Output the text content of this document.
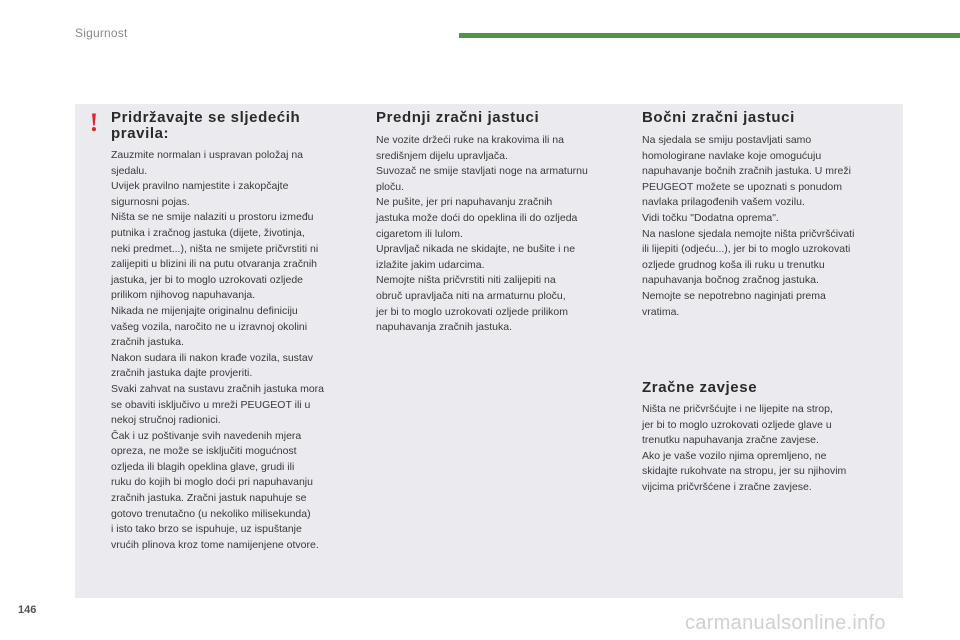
Sigurnost
! Pridržavajte se sljedećih
pravila:
Zauzmite normalan i uspravan položaj na
sjedalu.
Uvijek pravilno namjestite i zakopčajte
sigurnosni pojas.
Ništa se ne smije nalaziti u prostoru između
putnika i zračnog jastuka (dijete, životinja,
neki predmet...), ništa ne smijete pričvrstiti ni
zalijepiti u blizini ili na putu otvaranja zračnih
jastuka, jer bi to moglo uzrokovati ozljede
prilikom njihovog napuhavanja.
Nikada ne mijenjajte originalnu definiciju
vašeg vozila, naročito ne u izravnoj okolini
zračnih jastuka.
Nakon sudara ili nakon krađe vozila, sustav
zračnih jastuka dajte provjeriti.
Svaki zahvat na sustavu zračnih jastuka mora
se obaviti isključivo u mreži PEUGEOT ili u
nekoj stručnoj radionici.
Čak i uz poštivanje svih navedenih mjera
opreza, ne može se isključiti mogućnost
ozljeda ili blagih opeklina glave, grudi ili
ruku do kojih bi moglo doći pri napuhavanju
zračnih jastuka. Zračni jastuk napuhuje se
gotovo trenutačno (u nekoliko milisekunda)
i isto tako brzo se ispuhuje, uz ispuštanje
vrućih plinova kroz tome namijenjene otvore.
Prednji zračni jastuci
Ne vozite držeći ruke na krakovima ili na
središnjem dijelu upravljača.
Suvozač ne smije stavljati noge na armaturnu
ploču.
Ne pušite, jer pri napuhavanju zračnih
jastuka može doći do opeklina ili do ozljeda
cigaretom ili lulom.
Upravljač nikada ne skidajte, ne bušite i ne
izlažite jakim udarcima.
Nemojte ništa pričvrstiti niti zalijepiti na
obruč upravljača niti na armaturnu ploču,
jer bi to moglo uzrokovati ozljede prilikom
napuhavanja zračnih jastuka.
Bočni zračni jastuci
Na sjedala se smiju postavljati samo
homologirane navlake koje omogućuju
napuhavanje bočnih zračnih jastuka. U mreži
PEUGEOT možete se upoznati s ponudom
navlaka prilagođenih vašem vozilu.
Vidi točku "Dodatna oprema".
Na naslone sjedala nemojte ništa pričvršćivati
ili lijepiti (odjeću...), jer bi to moglo uzrokovati
ozljede grudnog koša ili ruku u trenutku
napuhavanja bočnog zračnog jastuka.
Nemojte se nepotrebno naginjati prema
vratima.
Zračne zavjese
Ništa ne pričvršćujte i ne lijepite na strop,
jer bi to moglo uzrokovati ozljede glave u
trenutku napuhavanja zračne zavjese.
Ako je vaše vozilo njima opremljeno, ne
skidajte rukohvate na stropu, jer su njihovim
vijcima pričvršćene i zračne zavjese.
146
carmanualsonline.info
